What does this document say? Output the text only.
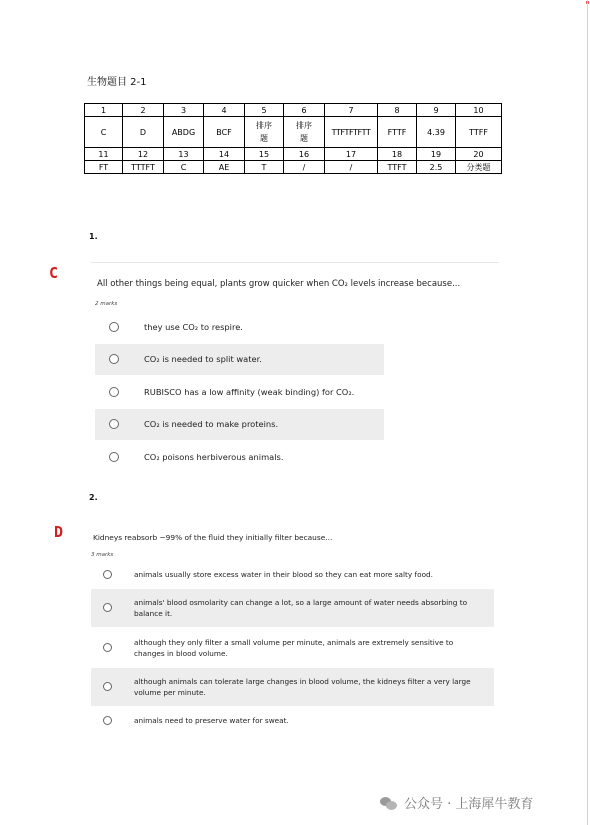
"
生物题目 2-1
1	2	3	4	5	6	7	8	9	10
C	D	ABDG	BCF	排序题	排序题	TTFTFTFTT	FTTF	4.39	TTFF
11	12	13	14	15	16	17	18	19	20
FT	TTTFT	C	AE	T	/	/	TTFT	2.5	分类题
1.
C
All other things being equal, plants grow quicker when CO₂ levels increase because...
2 marks
they use CO₂ to respire.
CO₂ is needed to split water.
RUBISCO has a low affinity (weak binding) for CO₂.
CO₂ is needed to make proteins.
CO₂ poisons herbiverous animals.
2.
D	Kidneys reabsorb ~99% of the fluid they initially filter because...
3 marks
animals usually store excess water in their blood so they can eat more salty food.
animals' blood osmolarity can change a lot, so a large amount of water needs absorbing to balance it.
although they only filter a small volume per minute, animals are extremely sensitive to changes in blood volume.
although animals can tolerate large changes in blood volume, the kidneys filter a very large volume per minute.
animals need to preserve water for sweat.
公众号 · 上海犀牛教育
